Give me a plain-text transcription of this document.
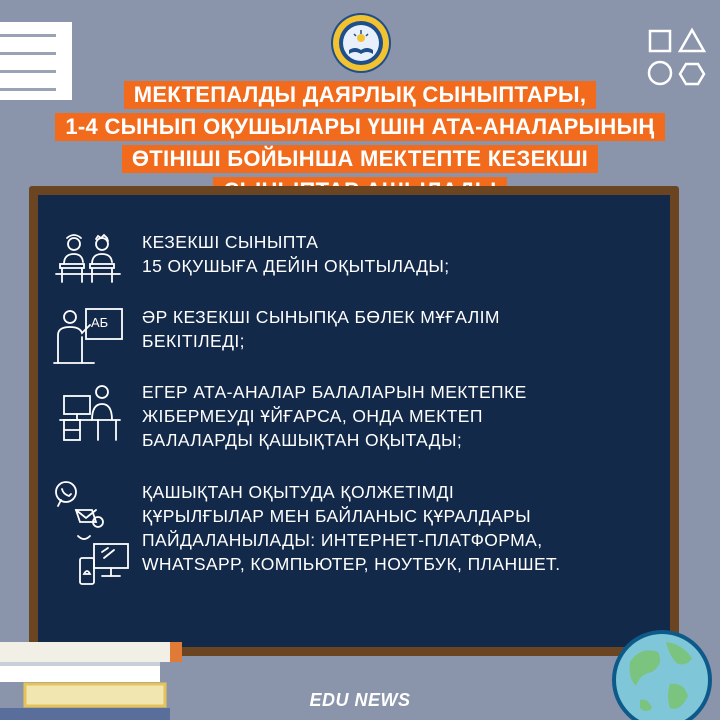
МЕКТЕПАЛДЫ ДАЯРЛЫҚ СЫНЫПТАРЫ,
1-4 СЫНЫП ОҚУШЫЛАРЫ ҮШІН АТА-АНАЛАРЫНЫҢ
ӨТІНІШІ БОЙЫНША МЕКТЕПТЕ КЕЗЕКШІ
КЕЗЕКШІ СЫНЫПТА
15 ОҚУШЫҒА ДЕЙІН ОҚЫТЫЛАДЫ;
АБ ӘР КЕЗЕКШІ СЫНЫПҚА БӨЛЕК МҰҒАЛІМ
БЕКІТІЛЕДІ;
ЕГЕР АТА-АНАЛАР БАЛАЛАРЫН МЕКТЕПКЕ
ЖІБЕРМЕУДІ ҰЙҒАРСА, ОНДА МЕКТЕП
БАЛАЛАРДЫ ҚАШЫҚТАН ОҚЫТАДЫ;
ҚАШЫҚТАН ОҚЫТУДА ҚОЛЖЕТІМДІ
ҚҰРЫЛҒЫЛАР МЕН БАЙЛАНЫС ҚҰРАЛДАРЫ
ПАЙДАЛАНЫЛАДЫ: ИНТЕРНЕТ-ПЛАТФОРМА,
WHATSAPP, КОМПЬЮТЕР, НОУТБУК, ПЛАНШЕТ.
EDU NEWS
